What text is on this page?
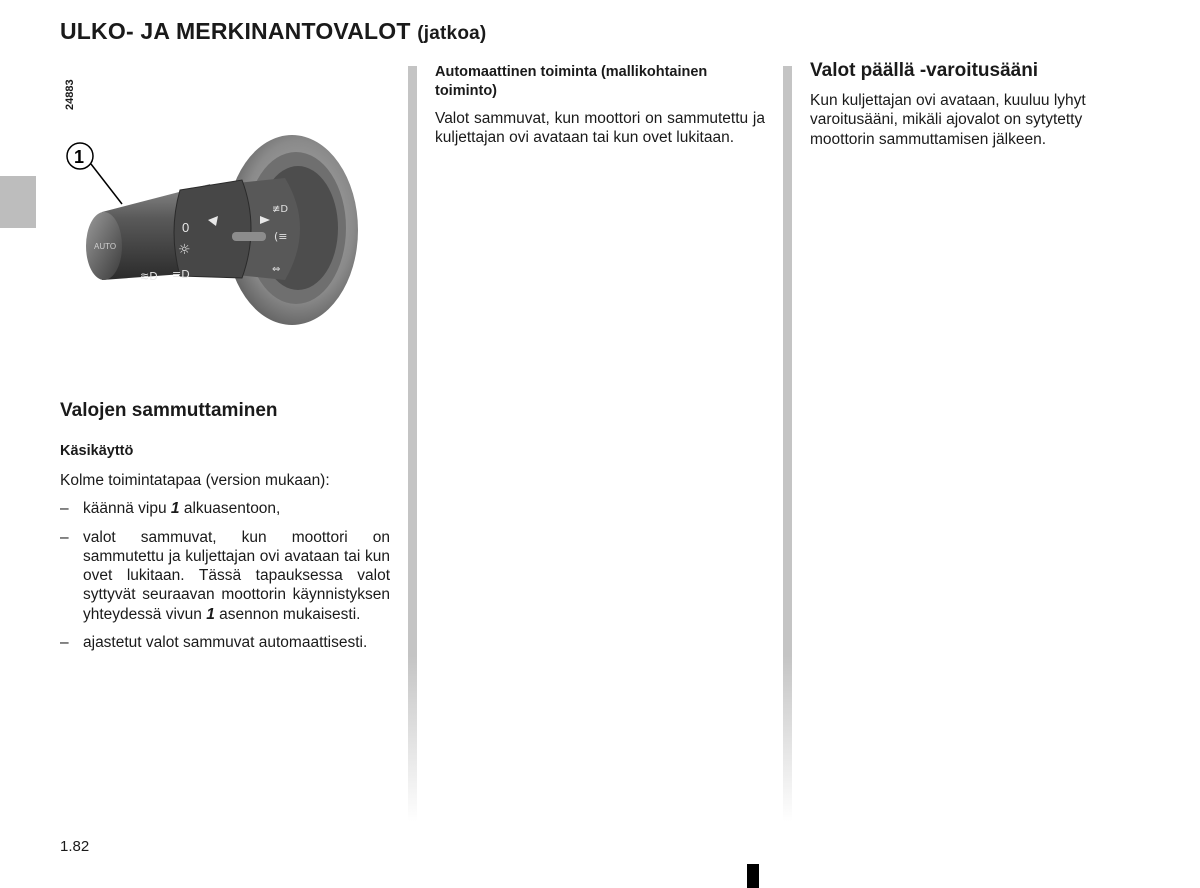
ULKO- JA MERKINANTOVALOT (jatkoa)
24883
AUTO
0
☼
≋D ≡D
(≡
≢D
⇔
1
Valojen sammuttaminen
Käsikäyttö

Kolme toimintatapaa (version mukaan):

– käännä vipu 1 alkuasentoon,
– valot sammuvat, kun moottori on sammutettu ja kuljettajan ovi avataan tai kun ovet lukitaan. Tässä tapauksessa valot syttyvät seuraavan moottorin käynnistyksen yhteydessä vivun 1 asennon mukaisesti.
– ajastetut valot sammuvat automaattisesti.
Automaattinen toiminta (mallikohtainen toiminto)

Valot sammuvat, kun moottori on sammutettu ja kuljettajan ovi avataan tai kun ovet lukitaan.

Valot päällä -varoitusääni

Kun kuljettajan ovi avataan, kuuluu lyhyt varoitusääni, mikäli ajovalot on sytytetty moottorin sammuttamisen jälkeen.

1.82
